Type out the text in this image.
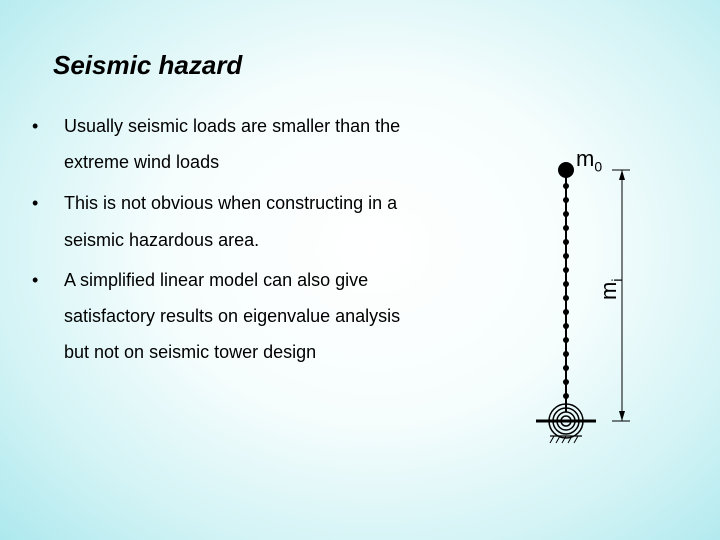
Seismic hazard
• Usually seismic loads are smaller than the
extreme wind loads
• This is not obvious when constructing in a
seismic hazardous area.
• A simplified linear model can also give
satisfactory results on eigenvalue analysis
but not on seismic tower design
$m_0$
$m_i$
